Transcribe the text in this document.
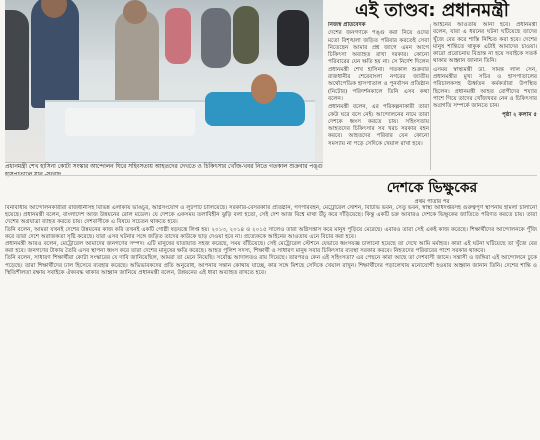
প্রধানমন্ত্রী শেখ হাসিনা কোটা সংস্কার আন্দোলন ঘিরে সহিংসতায় আহতদের দেখতে ও চিকিৎসার খোঁজ-খবর নিতে গতকাল শুক্রবার পঙ্গু
এই তাণ্ডব: প্রধানমন্ত্রী

নিজস্ব প্রতিবেদক

দেশের জনগণকে পঙ্গু করা নিয়ে ওদের মতো বিশৃঙ্খলা জড়িত পরিবার করতেই সেবা নিতেছেন আমার প্রশ্ন জাগে এমন আগে চিকিৎসা অব্যাহত রাখা দরকার। কোনো পরিবারের যেন ক্ষতি হয় না। সে নির্দেশ দিলেন প্রধানমন্ত্রী শেখ হাসিনা। গতকাল শুক্রবার রাজধানীর শেরেবাংলা নগরের জাতীয় অর্থোপেডিক হাসপাতাল ও পুনর্বাসন প্রতিষ্ঠান (নিটোর) পরিদর্শনকালে তিনি এসব কথা বলেন।

প্রধানমন্ত্রী বলেন, এর পরিকল্পনাকারী তারা কেউ ঘরে বসে নেই। আন্দোলনের নামে তারা দেশকে ধ্বংস করতে চায়। সহিংসতায় আহতদের চিকিৎসার সব খরচ সরকার বহন করবে। আহতদের পরিবার যেন কোনো সমস্যায় না পড়ে সেদিকে খেয়াল রাখা হবে।

আইনের আওতায় আনা হবে। প্রধানমন্ত্রী বলেন, যারা এ ধরনের ঘটনা ঘটিয়েছে তাদের খুঁজে বের করে শাস্তি নিশ্চিত করা হবে। দেশের মানুষ শান্তিতে থাকুক এটাই আমাদের চাওয়া। কারো প্ররোচনায় বিভ্রান্ত না হয়ে সবাইকে সতর্ক থাকার আহ্বান জানান তিনি।

এসময় স্বাস্থ্যমন্ত্রী ডা. সামন্ত লাল সেন, প্রধানমন্ত্রীর মুখ্য সচিব ও হাসপাতালের পরিচালকসহ ঊর্ধ্বতন কর্মকর্তারা উপস্থিত ছিলেন। প্রধানমন্ত্রী আহত রোগীদের শয্যার পাশে গিয়ে তাদের খোঁজখবর নেন ও চিকিৎসার অগ্রগতি সম্পর্কে জানতে চান।

পৃষ্ঠা ২ কলাম ৫

দেশকে ভিক্ষুকের
প্রথম পাতার পর

বিনাবাধায় আন্দোলনকারীরা রাজধানীসহ বিভিন্ন এলাকায় ভাঙচুর, অগ্নিসংযোগ ও লুটপাট চালিয়েছে। সরকারি-বেসরকারি প্রতিষ্ঠান, গণপরিবহন, মেট্রোরেল স্টেশন, বিটিভি ভবন, সেতু ভবন, স্বাস্থ্য অধিদপ্তরসহ গুরুত্বপূর্ণ স্থাপনায় হামলা চালানো হয়েছে। প্রধানমন্ত্রী বলেন, বাংলাদেশ আজ উন্নয়নের রোল মডেল। যে দেশকে একসময় তলাবিহীন ঝুড়ি বলা হতো, সেই দেশ আজ বিশ্বে মাথা উঁচু করে দাঁড়িয়েছে। কিন্তু একটি চক্র আবারও দেশকে ভিক্ষুকের জাতিতে পরিণত করতে চায়। তারা দেশের অগ্রযাত্রা ব্যাহত করতে চায়। দেশবাসীকে এ বিষয়ে সচেতন থাকতে হবে।

তিনি বলেন, আমরা যখনই দেশের উন্নয়নের কাজ করি তখনই একটি গোষ্ঠী ষড়যন্ত্রে লিপ্ত হয়। ২০১৩, ২০১৪ ও ২০১৫ সালেও তারা অগ্নিসন্ত্রাস করে মানুষ পুড়িয়ে মেরেছে। এবারও তারা সেই একই কাজ করেছে। শিক্ষার্থীদের আন্দোলনকে পুঁজি করে তারা দেশে অরাজকতা সৃষ্টি করেছে। যারা এসব ঘটনার সঙ্গে জড়িত তাদের কাউকে ছাড় দেওয়া হবে না। প্রত্যেককে আইনের আওতায় এনে বিচার করা হবে।

প্রধানমন্ত্রী আরও বলেন, মেট্রোরেল আমাদের জনগণের সম্পদ। এটি মানুষের যাতায়াত সহজ করেছে, সময় বাঁচিয়েছে। সেই মেট্রোরেল স্টেশনে যেভাবে ধ্বংসযজ্ঞ চালানো হয়েছে তা দেখে আমি মর্মাহত। কারা এই ঘটনা ঘটিয়েছে তা খুঁজে বের করা হবে। জনগণের টাকায় তৈরি এসব স্থাপনা ধ্বংস করে তারা দেশের মানুষের ক্ষতি করেছে। আহত পুলিশ সদস্য, শিক্ষার্থী ও সাধারণ মানুষ সবার চিকিৎসার ব্যবস্থা সরকার করবে। নিহতদের পরিবারের পাশে সরকার থাকবে।

তিনি বলেন, সাধারণ শিক্ষার্থীরা কোটা সংস্কারের যে দাবি জানিয়েছিল, আমরা তা মেনে নিয়েছি। সর্বোচ্চ আদালতও রায় দিয়েছে। তারপরও কেন এই সহিংসতা? এর পেছনে কারা আছে তা দেশবাসী জানে। সন্ত্রাসী ও জঙ্গিরা এই আন্দোলনে ঢুকে পড়েছে। তারা শিক্ষার্থীদের ঢাল হিসেবে ব্যবহার করেছে। অভিভাবকদের প্রতি অনুরোধ, আপনার সন্তান কোথায় যাচ্ছে, কার সঙ্গে মিশছে সেদিকে খেয়াল রাখুন। শিক্ষার্থীদের পড়ালেখায় মনোযোগী হওয়ার আহ্বান জানান তিনি। দেশের শান্তি ও স্থিতিশীলতা রক্ষায় সবাইকে ঐক্যবদ্ধ থাকার আহ্বান জানিয়ে প্রধানমন্ত্রী বলেন, উন্নয়নের এই ধারা অব্যাহত রাখতে হবে।
